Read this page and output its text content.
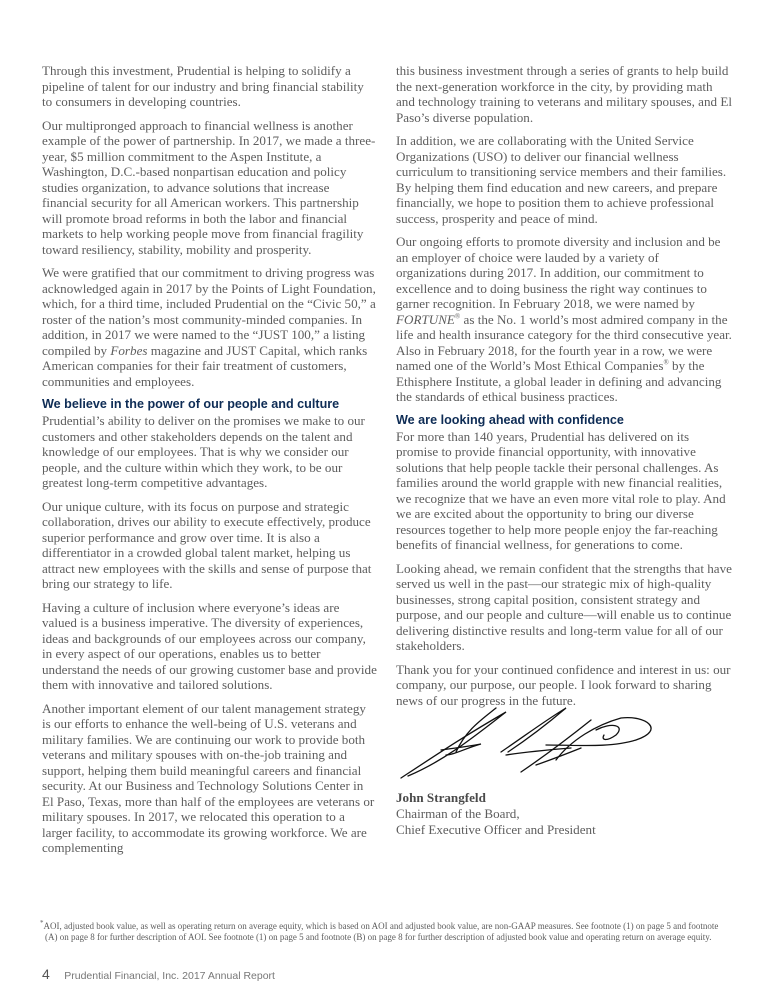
Through this investment, Prudential is helping to solidify a pipeline of talent for our industry and bring financial stability to consumers in developing countries.

Our multipronged approach to financial wellness is another example of the power of partnership. In 2017, we made a three-year, $5 million commitment to the Aspen Institute, a Washington, D.C.-based nonpartisan education and policy studies organization, to advance solutions that increase financial security for all American workers. This partnership will promote broad reforms in both the labor and financial markets to help working people move from financial fragility toward resiliency, stability, mobility and prosperity.

We were gratified that our commitment to driving progress was acknowledged again in 2017 by the Points of Light Foundation, which, for a third time, included Prudential on the “Civic 50,” a roster of the nation’s most community-minded companies. In addition, in 2017 we were named to the “JUST 100,” a listing compiled by Forbes magazine and JUST Capital, which ranks American companies for their fair treatment of customers, communities and employees.

We believe in the power of our people and culture

Prudential’s ability to deliver on the promises we make to our customers and other stakeholders depends on the talent and knowledge of our employees. That is why we consider our people, and the culture within which they work, to be our greatest long-term competitive advantages.

Our unique culture, with its focus on purpose and strategic collaboration, drives our ability to execute effectively, produce superior performance and grow over time. It is also a differentiator in a crowded global talent market, helping us attract new employees with the skills and sense of purpose that bring our strategy to life.

Having a culture of inclusion where everyone’s ideas are valued is a business imperative. The diversity of experiences, ideas and backgrounds of our employees across our company, in every aspect of our operations, enables us to better understand the needs of our growing customer base and provide them with innovative and tailored solutions.

Another important element of our talent management strategy is our efforts to enhance the well-being of U.S. veterans and military families. We are continuing our work to provide both veterans and military spouses with on-the-job training and support, helping them build meaningful careers and financial security. At our Business and Technology Solutions Center in El Paso, Texas, more than half of the employees are veterans or military spouses. In 2017, we relocated this operation to a larger facility, to accommodate its growing workforce. We are complementing

this business investment through a series of grants to help build the next-generation workforce in the city, by providing math and technology training to veterans and military spouses, and El Paso’s diverse population.

In addition, we are collaborating with the United Service Organizations (USO) to deliver our financial wellness curriculum to transitioning service members and their families. By helping them find education and new careers, and prepare financially, we hope to position them to achieve professional success, prosperity and peace of mind.

Our ongoing efforts to promote diversity and inclusion and be an employer of choice were lauded by a variety of organizations during 2017. In addition, our commitment to excellence and to doing business the right way continues to garner recognition. In February 2018, we were named by FORTUNE® as the No. 1 world’s most admired company in the life and health insurance category for the third consecutive year. Also in February 2018, for the fourth year in a row, we were named one of the World’s Most Ethical Companies® by the Ethisphere Institute, a global leader in defining and advancing the standards of ethical business practices.

We are looking ahead with confidence

For more than 140 years, Prudential has delivered on its promise to provide financial opportunity, with innovative solutions that help people tackle their personal challenges. As families around the world grapple with new financial realities, we recognize that we have an even more vital role to play. And we are excited about the opportunity to bring our diverse resources together to help more people enjoy the far-reaching benefits of financial wellness, for generations to come.

Looking ahead, we remain confident that the strengths that have served us well in the past—our strategic mix of high-quality businesses, strong capital position, consistent strategy and purpose, and our people and culture—will enable us to continue delivering distinctive results and long-term value for all of our stakeholders.

Thank you for your continued confidence and interest in us: our company, our purpose, our people. I look forward to sharing news of our progress in the future.

John Strangfeld
Chairman of the Board,
Chief Executive Officer and President
*AOI, adjusted book value, as well as operating return on average equity, which is based on AOI and adjusted book value, are non-GAAP measures. See footnote (1) on page 5 and footnote
(A) on page 8 for further description of AOI. See footnote (1) on page 5 and footnote (B) on page 8 for further description of adjusted book value and operating return on average equity.
4 Prudential Financial, Inc. 2017 Annual Report
